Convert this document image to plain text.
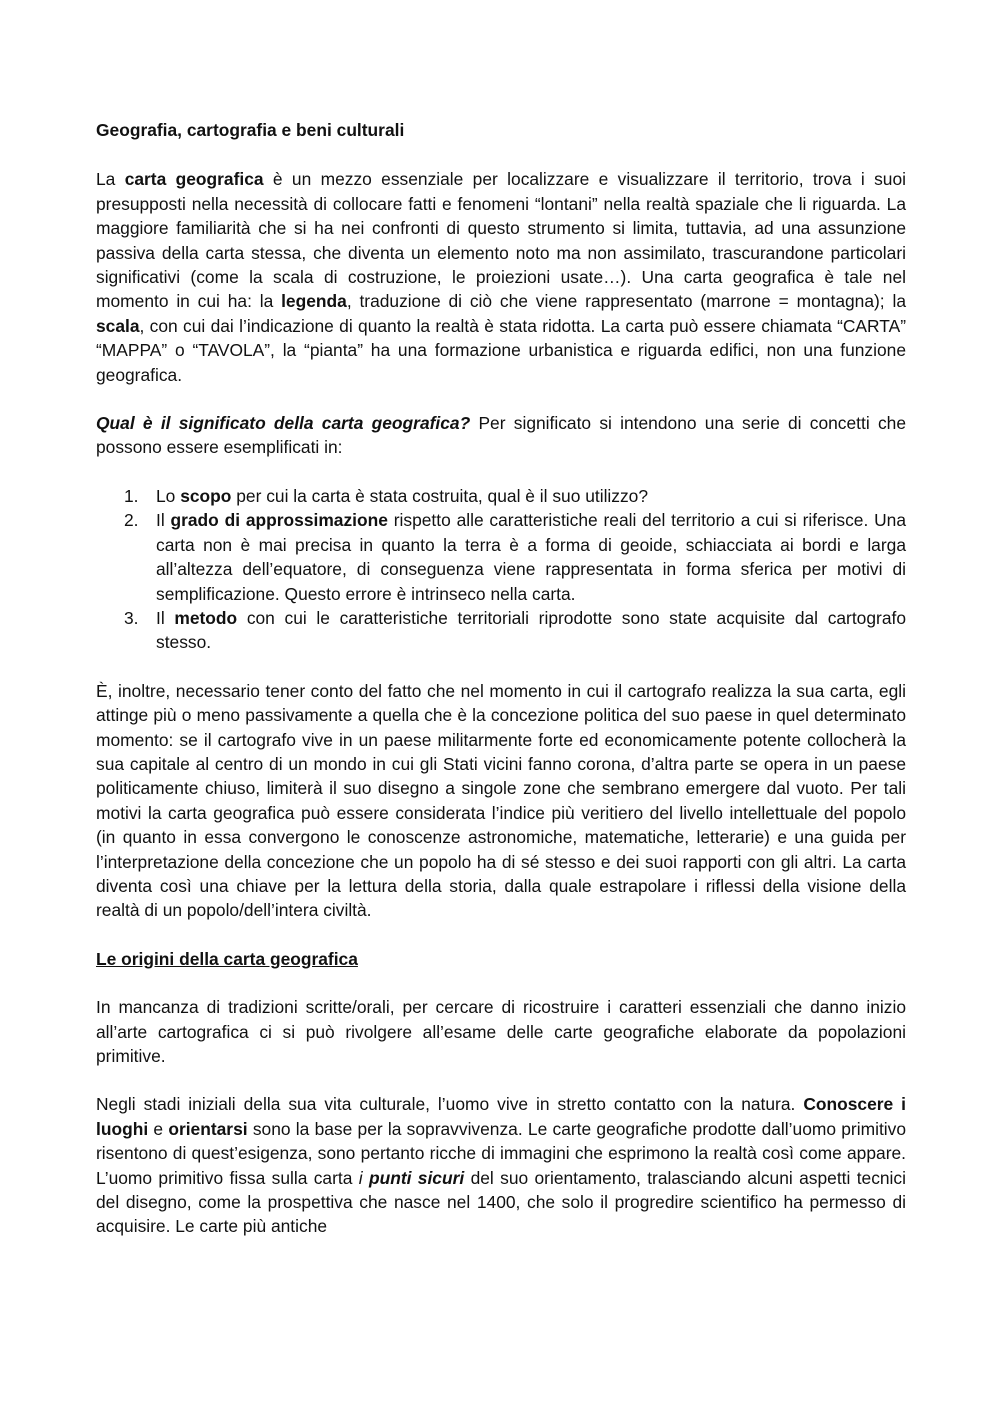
Geografia, cartografia e beni culturali

La carta geografica è un mezzo essenziale per localizzare e visualizzare il territorio, trova i suoi presupposti nella necessità di collocare fatti e fenomeni “lontani” nella realtà spaziale che li riguarda. La maggiore familiarità che si ha nei confronti di questo strumento si limita, tuttavia, ad una assunzione passiva della carta stessa, che diventa un elemento noto ma non assimilato, trascurandone particolari significativi (come la scala di costruzione, le proiezioni usate…). Una carta geografica è tale nel momento in cui ha: la legenda, traduzione di ciò che viene rappresentato (marrone = montagna); la scala, con cui dai l’indicazione di quanto la realtà è stata ridotta. La carta può essere chiamata “CARTA” “MAPPA” o “TAVOLA”, la “pianta” ha una formazione urbanistica e riguarda edifici, non una funzione geografica.

Qual è il significato della carta geografica? Per significato si intendono una serie di concetti che possono essere esemplificati in:

1. Lo scopo per cui la carta è stata costruita, qual è il suo utilizzo?
2. Il grado di approssimazione rispetto alle caratteristiche reali del territorio a cui si riferisce. Una carta non è mai precisa in quanto la terra è a forma di geoide, schiacciata ai bordi e larga all’altezza dell’equatore, di conseguenza viene rappresentata in forma sferica per motivi di semplificazione. Questo errore è intrinseco nella carta.
3. Il metodo con cui le caratteristiche territoriali riprodotte sono state acquisite dal cartografo stesso.

È, inoltre, necessario tener conto del fatto che nel momento in cui il cartografo realizza la sua carta, egli attinge più o meno passivamente a quella che è la concezione politica del suo paese in quel determinato momento: se il cartografo vive in un paese militarmente forte ed economicamente potente collocherà la sua capitale al centro di un mondo in cui gli Stati vicini fanno corona, d’altra parte se opera in un paese politicamente chiuso, limiterà il suo disegno a singole zone che sembrano emergere dal vuoto. Per tali motivi la carta geografica può essere considerata l’indice più veritiero del livello intellettuale del popolo (in quanto in essa convergono le conoscenze astronomiche, matematiche, letterarie) e una guida per l’interpretazione della concezione che un popolo ha di sé stesso e dei suoi rapporti con gli altri. La carta diventa così una chiave per la lettura della storia, dalla quale estrapolare i riflessi della visione della realtà di un popolo/dell’intera civiltà.

Le origini della carta geografica

In mancanza di tradizioni scritte/orali, per cercare di ricostruire i caratteri essenziali che danno inizio all’arte cartografica ci si può rivolgere all’esame delle carte geografiche elaborate da popolazioni primitive.

Negli stadi iniziali della sua vita culturale, l’uomo vive in stretto contatto con la natura. Conoscere i luoghi e orientarsi sono la base per la sopravvivenza. Le carte geografiche prodotte dall’uomo primitivo risentono di quest’esigenza, sono pertanto ricche di immagini che esprimono la realtà così come appare. L’uomo primitivo fissa sulla carta i punti sicuri del suo orientamento, tralasciando alcuni aspetti tecnici del disegno, come la prospettiva che nasce nel 1400, che solo il progredire scientifico ha permesso di acquisire. Le carte più antiche
